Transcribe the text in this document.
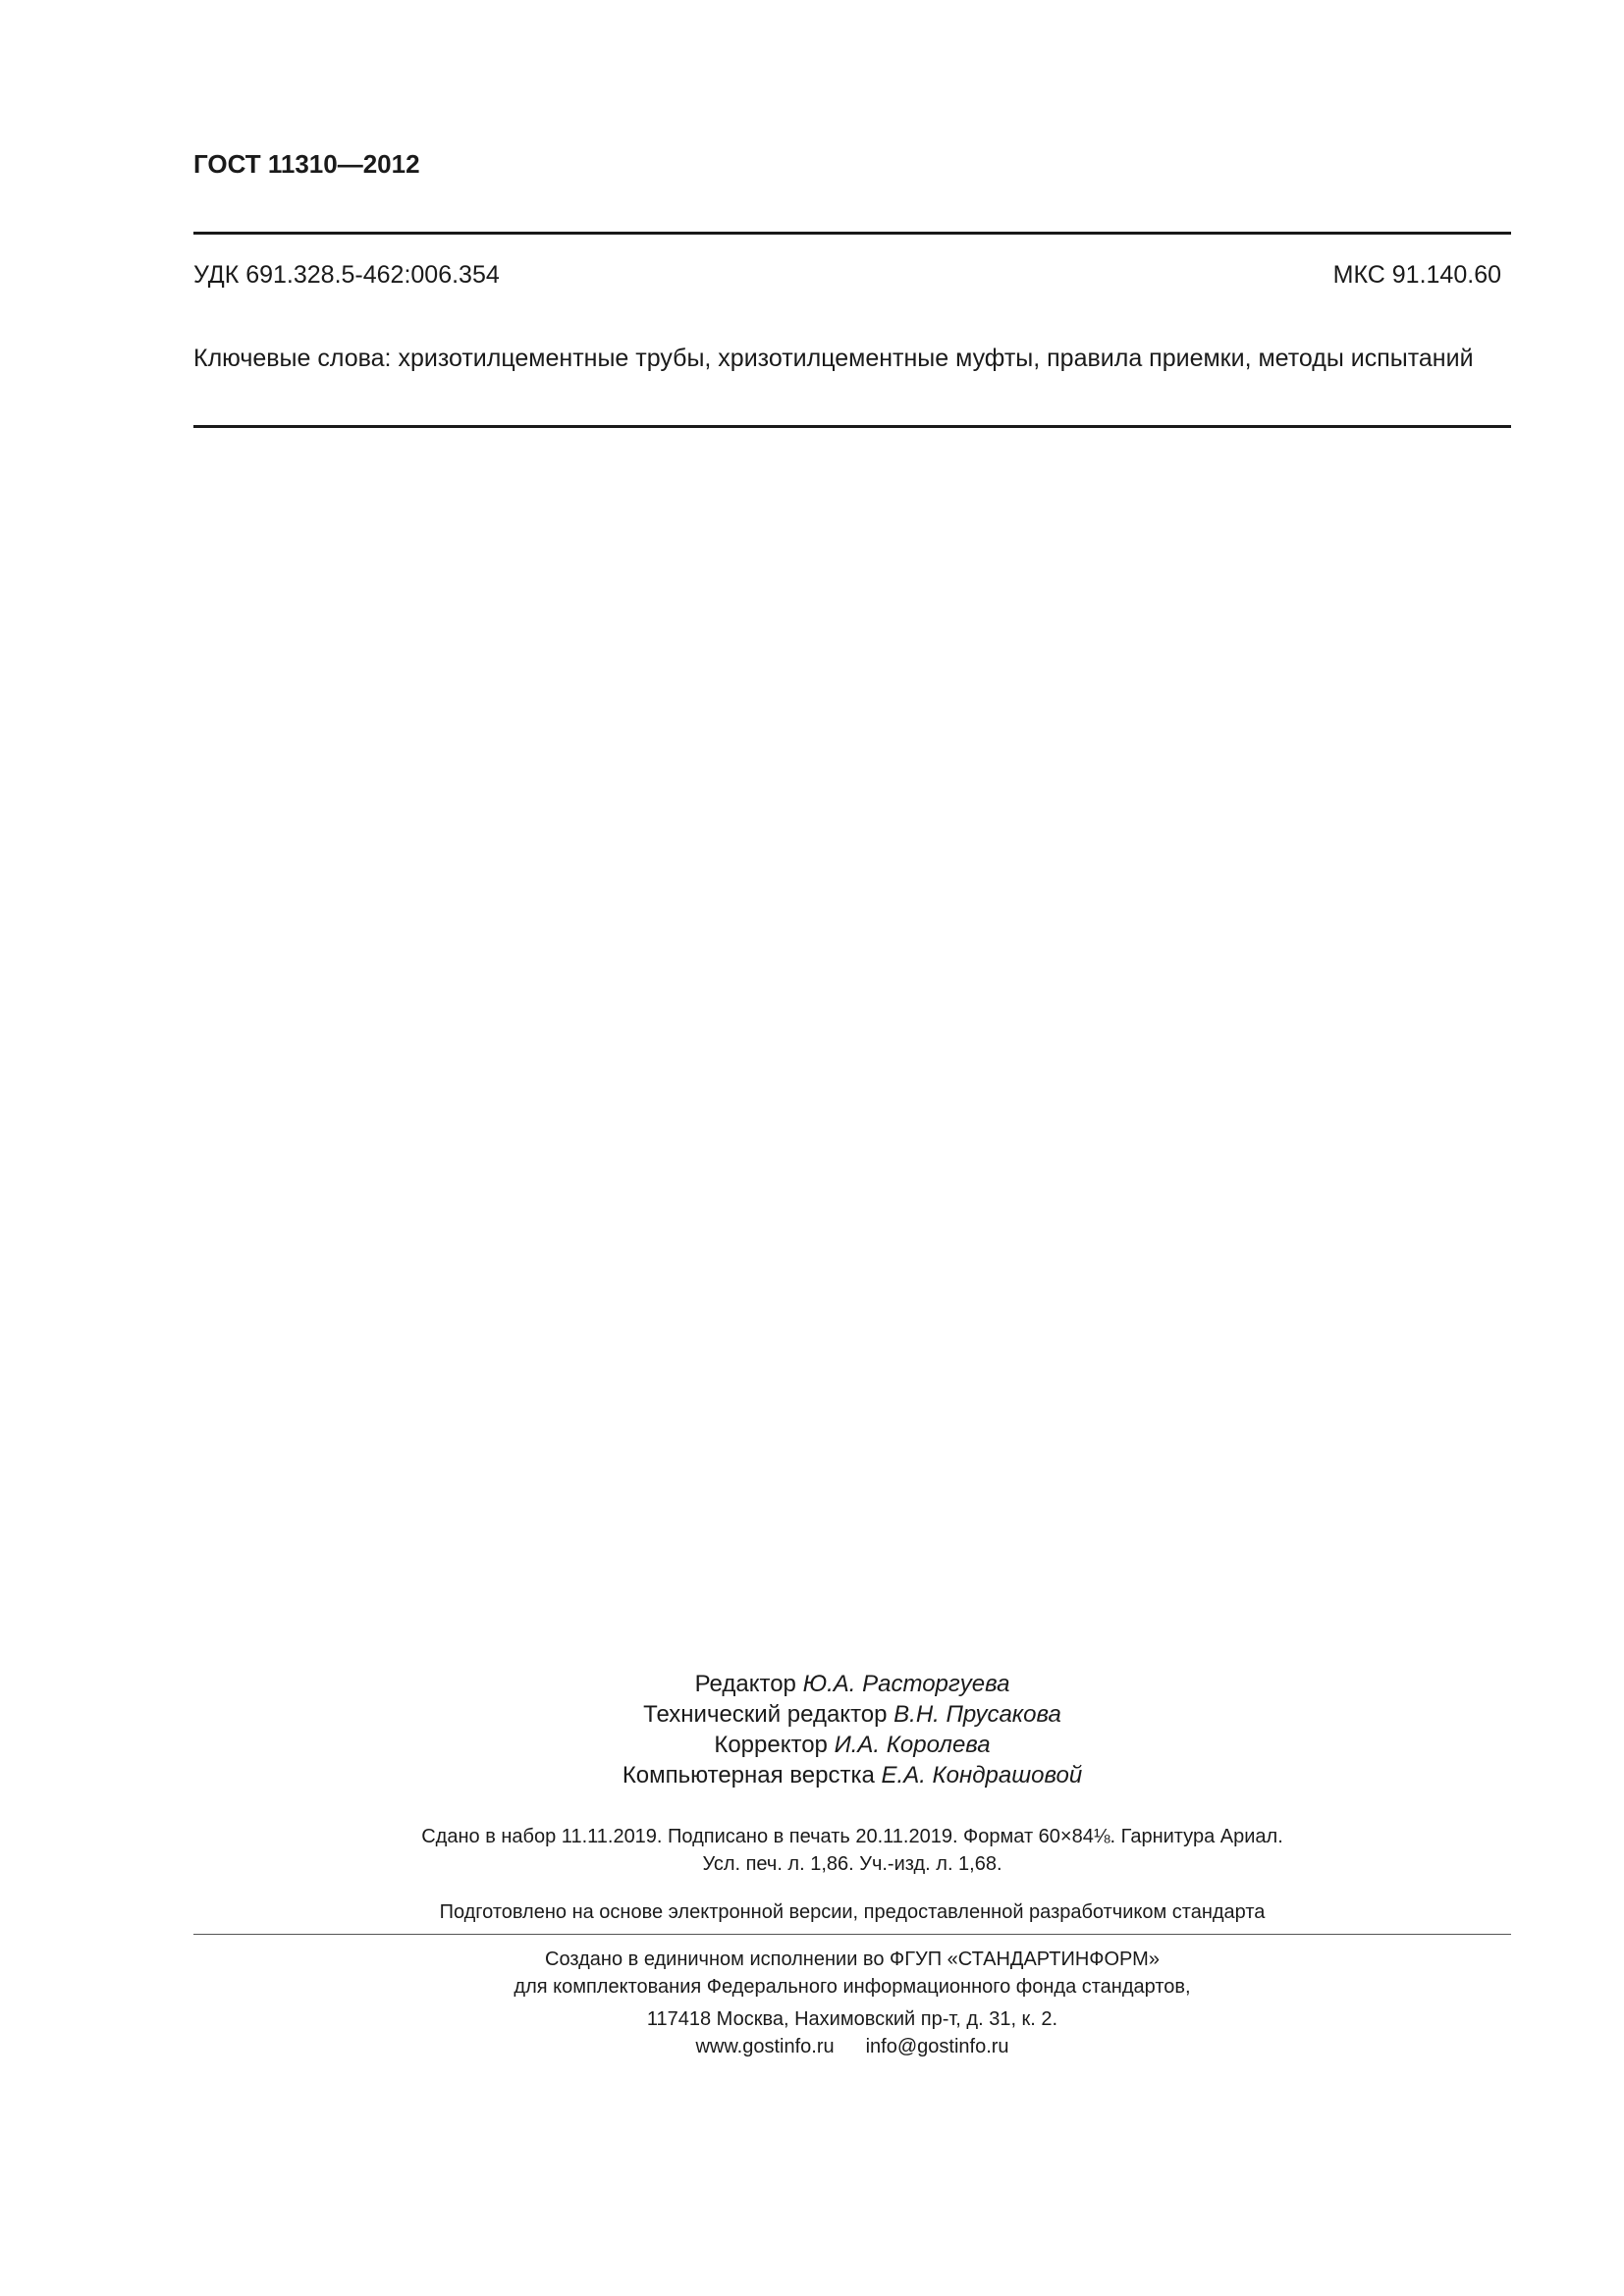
ГОСТ 11310—2012
УДК 691.328.5-462:006.354	МКС 91.140.60
Ключевые слова: хризотилцементные трубы, хризотилцементные муфты, правила приемки, методы испытаний
Редактор Ю.А. Расторгуева
Технический редактор В.Н. Прусакова
Корректор И.А. Королева
Компьютерная верстка Е.А. Кондрашовой
Сдано в набор 11.11.2019. Подписано в печать 20.11.2019. Формат 60×84⅛. Гарнитура Ариал.
Усл. печ. л. 1,86. Уч.-изд. л. 1,68.
Подготовлено на основе электронной версии, предоставленной разработчиком стандарта
Создано в единичном исполнении во ФГУП «СТАНДАРТИНФОРМ»
для комплектования Федерального информационного фонда стандартов,
117418 Москва, Нахимовский пр-т, д. 31, к. 2.
www.gostinfo.ru info@gostinfo.ru
